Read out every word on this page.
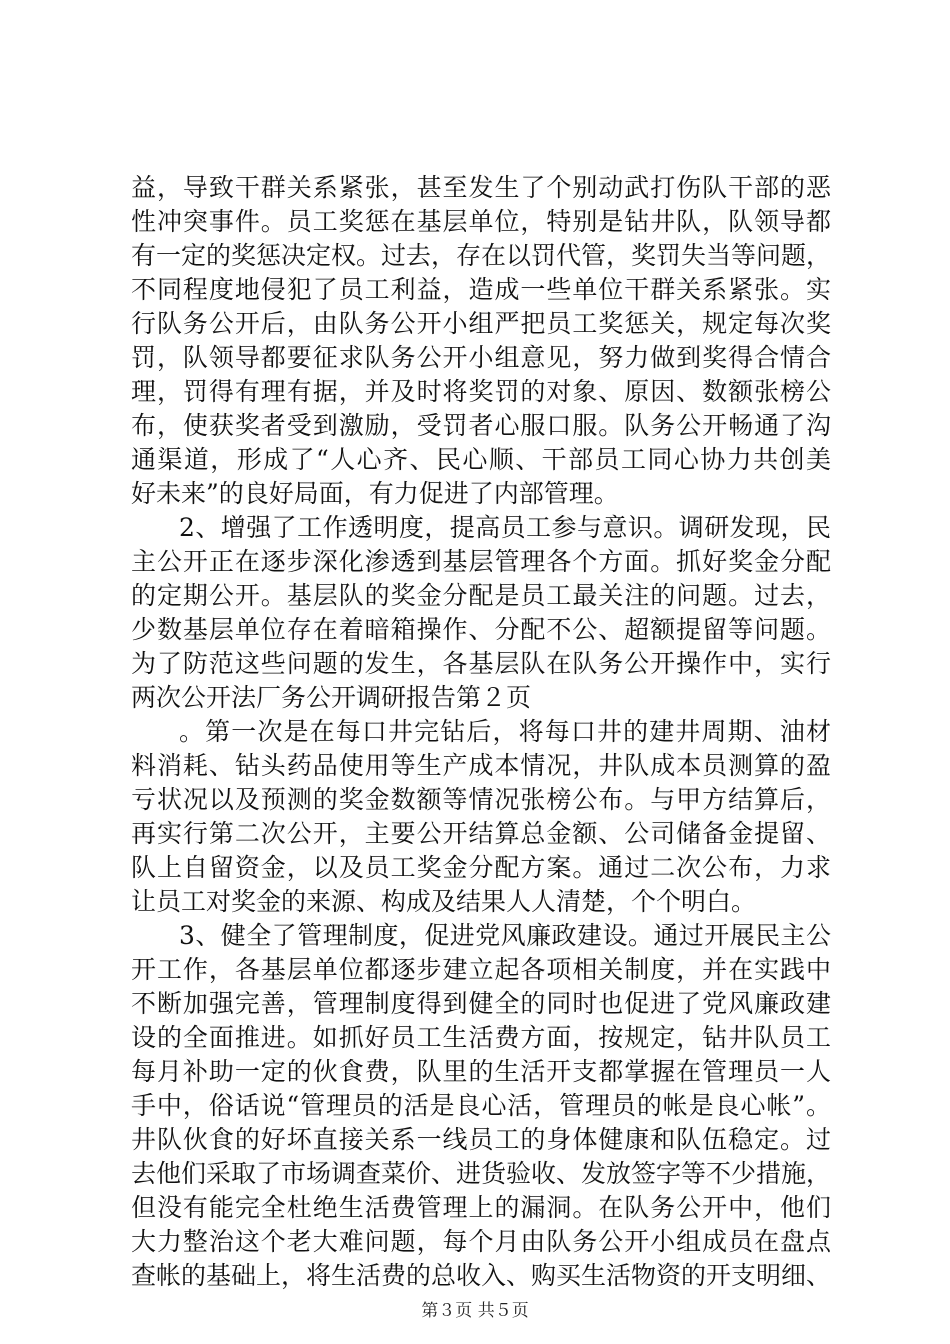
益，导致干群关系紧张，甚至发生了个别动武打伤队干部的恶
性冲突事件。员工奖惩在基层单位，特别是钻井队，队领导都
有一定的奖惩决定权。过去，存在以罚代管，奖罚失当等问题，
不同程度地侵犯了员工利益，造成一些单位干群关系紧张。实
行队务公开后，由队务公开小组严把员工奖惩关，规定每次奖
罚，队领导都要征求队务公开小组意见，努力做到奖得合情合
理，罚得有理有据，并及时将奖罚的对象、原因、数额张榜公
布，使获奖者受到激励，受罚者心服口服。队务公开畅通了沟
通渠道，形成了“人心齐、民心顺、干部员工同心协力共创美
好未来”的良好局面，有力促进了内部管理。
2、增强了工作透明度，提高员工参与意识。调研发现，民
主公开正在逐步深化渗透到基层管理各个方面。抓好奖金分配
的定期公开。基层队的奖金分配是员工最关注的问题。过去，
少数基层单位存在着暗箱操作、分配不公、超额提留等问题。
为了防范这些问题的发生，各基层队在队务公开操作中，实行
两次公开法厂务公开调研报告第２页
。第一次是在每口井完钻后，将每口井的建井周期、油材
料消耗、钻头药品使用等生产成本情况，井队成本员测算的盈
亏状况以及预测的奖金数额等情况张榜公布。与甲方结算后，
再实行第二次公开，主要公开结算总金额、公司储备金提留、
队上自留资金，以及员工奖金分配方案。通过二次公布，力求
让员工对奖金的来源、构成及结果人人清楚，个个明白。
3、健全了管理制度，促进党风廉政建设。通过开展民主公
开工作，各基层单位都逐步建立起各项相关制度，并在实践中
不断加强完善，管理制度得到健全的同时也促进了党风廉政建
设的全面推进。如抓好员工生活费方面，按规定，钻井队员工
每月补助一定的伙食费，队里的生活开支都掌握在管理员一人
手中，俗话说“管理员的活是良心活，管理员的帐是良心帐”。
井队伙食的好坏直接关系一线员工的身体健康和队伍稳定。过
去他们采取了市场调查菜价、进货验收、发放签字等不少措施，
但没有能完全杜绝生活费管理上的漏洞。在队务公开中，他们
大力整治这个老大难问题，每个月由队务公开小组成员在盘点
查帐的基础上，将生活费的总收入、购买生活物资的开支明细、
第３页 共５页
